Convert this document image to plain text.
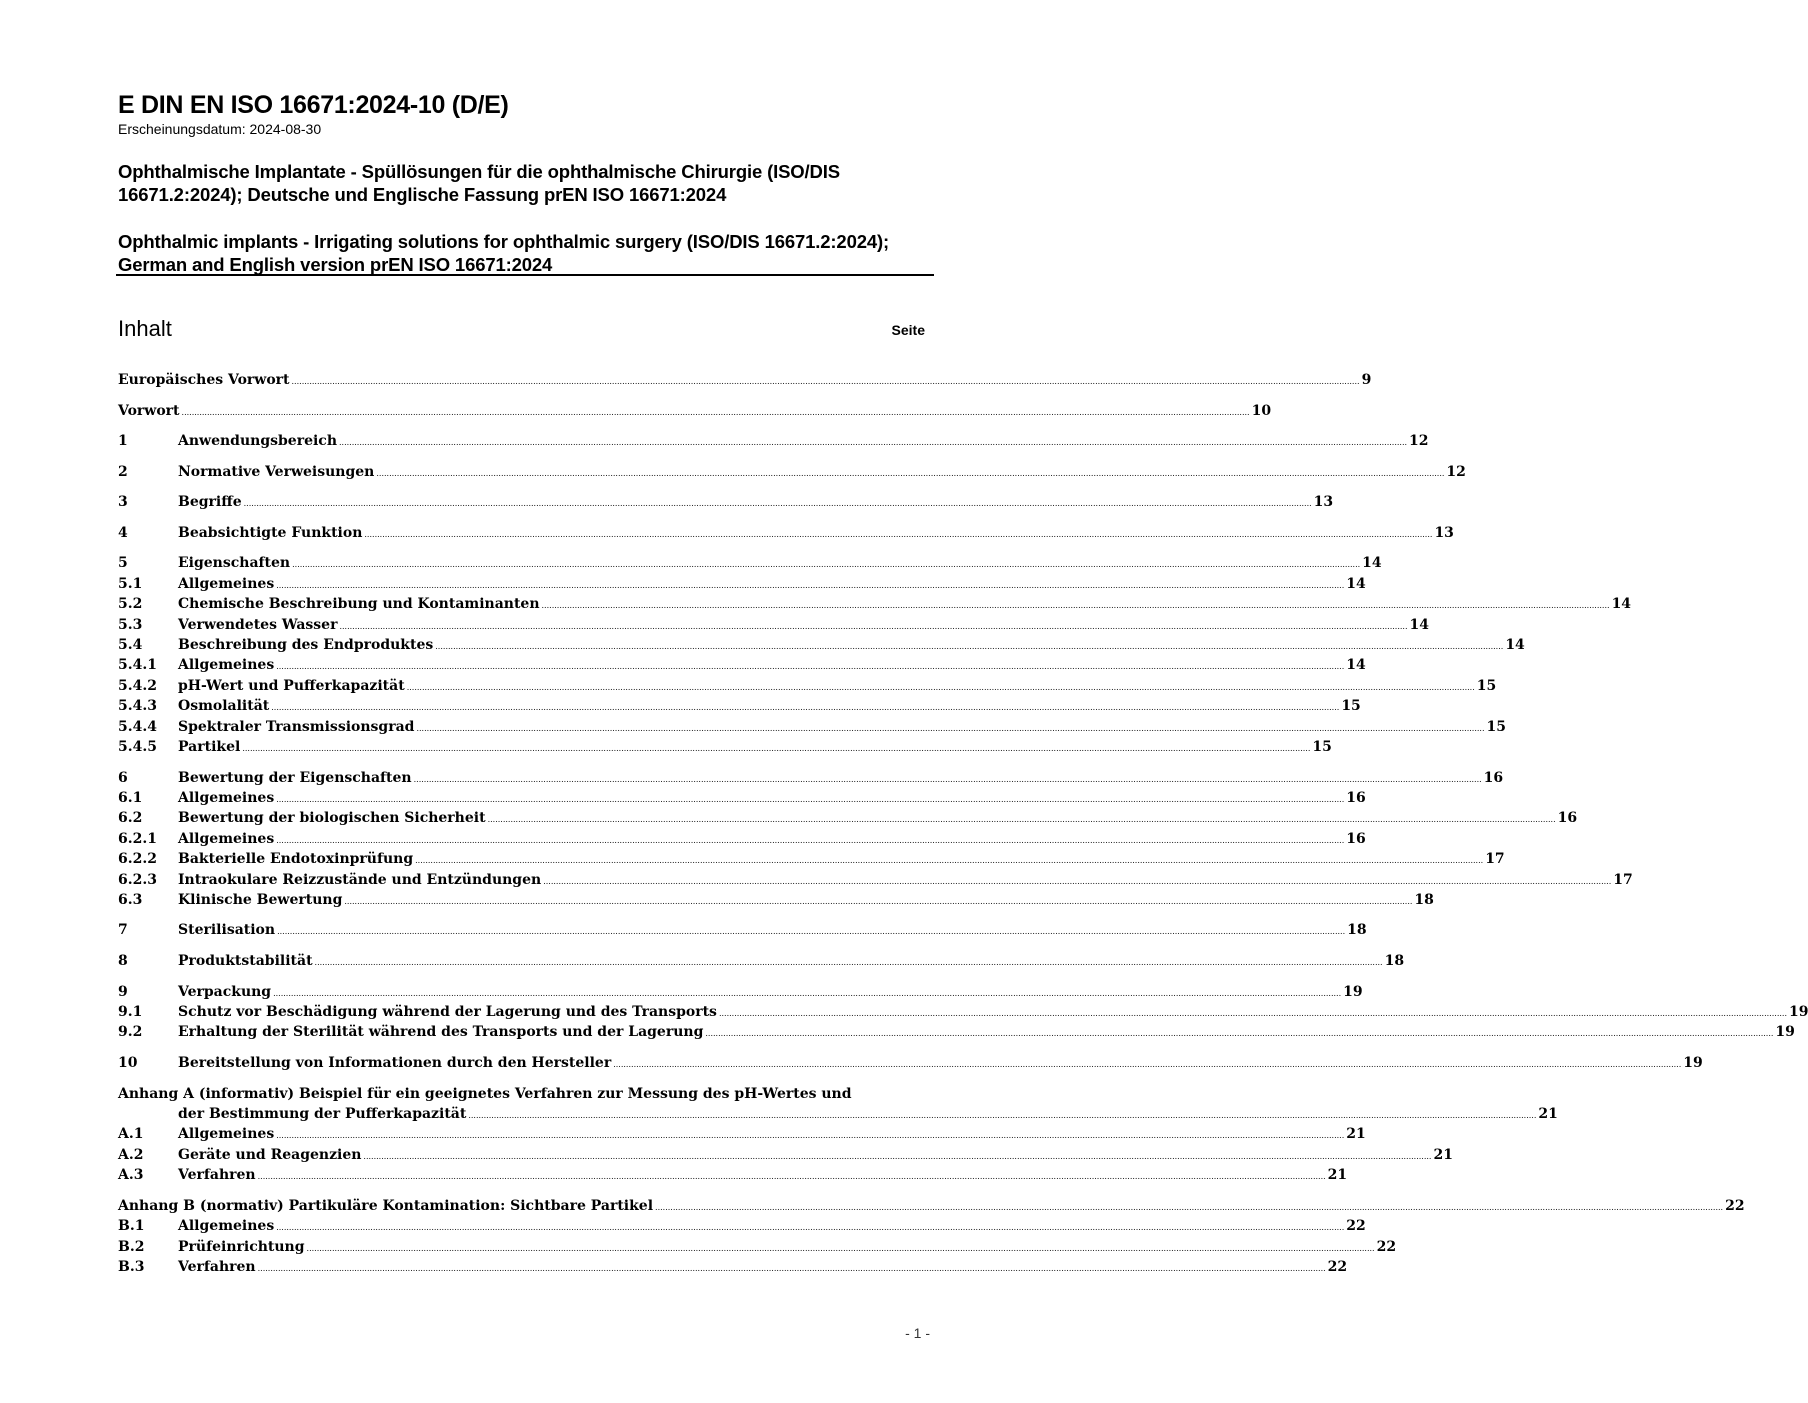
E DIN EN ISO 16671:2024-10 (D/E)
Erscheinungsdatum: 2024-08-30
Ophthalmische Implantate - Spüllösungen für die ophthalmische Chirurgie (ISO/DIS 16671.2:2024); Deutsche und Englische Fassung prEN ISO 16671:2024
Ophthalmic implants - Irrigating solutions for ophthalmic surgery (ISO/DIS 16671.2:2024); German and English version prEN ISO 16671:2024
Inhalt	Seite
Europäisches Vorwort .....	9
Vorwort .....	10
1	Anwendungsbereich .....	12
2	Normative Verweisungen .....	12
3	Begriffe .....	13
4	Beabsichtigte Funktion .....	13
5	Eigenschaften .....	14
5.1	Allgemeines .....	14
5.2	Chemische Beschreibung und Kontaminanten .....	14
5.3	Verwendetes Wasser .....	14
5.4	Beschreibung des Endproduktes .....	14
5.4.1	Allgemeines .....	14
5.4.2	pH-Wert und Pufferkapazität .....	15
5.4.3	Osmolalität .....	15
5.4.4	Spektraler Transmissionsgrad .....	15
5.4.5	Partikel .....	15
6	Bewertung der Eigenschaften .....	16
6.1	Allgemeines .....	16
6.2	Bewertung der biologischen Sicherheit .....	16
6.2.1	Allgemeines .....	16
6.2.2	Bakterielle Endotoxinprüfung .....	17
6.2.3	Intraokulare Reizzustände und Entzündungen .....	17
6.3	Klinische Bewertung .....	18
7	Sterilisation .....	18
8	Produktstabilität .....	18
9	Verpackung .....	19
9.1	Schutz vor Beschädigung während der Lagerung und des Transports .....	19
9.2	Erhaltung der Sterilität während des Transports und der Lagerung .....	19
10	Bereitstellung von Informationen durch den Hersteller .....	19
Anhang A (informativ) Beispiel für ein geeignetes Verfahren zur Messung des pH-Wertes und
der Bestimmung der Pufferkapazität .....	21
A.1	Allgemeines .....	21
A.2	Geräte und Reagenzien .....	21
A.3	Verfahren .....	21
Anhang B (normativ) Partikuläre Kontamination: Sichtbare Partikel .....	22
B.1	Allgemeines .....	22
B.2	Prüfeinrichtung .....	22
B.3	Verfahren .....	22
- 1 -
